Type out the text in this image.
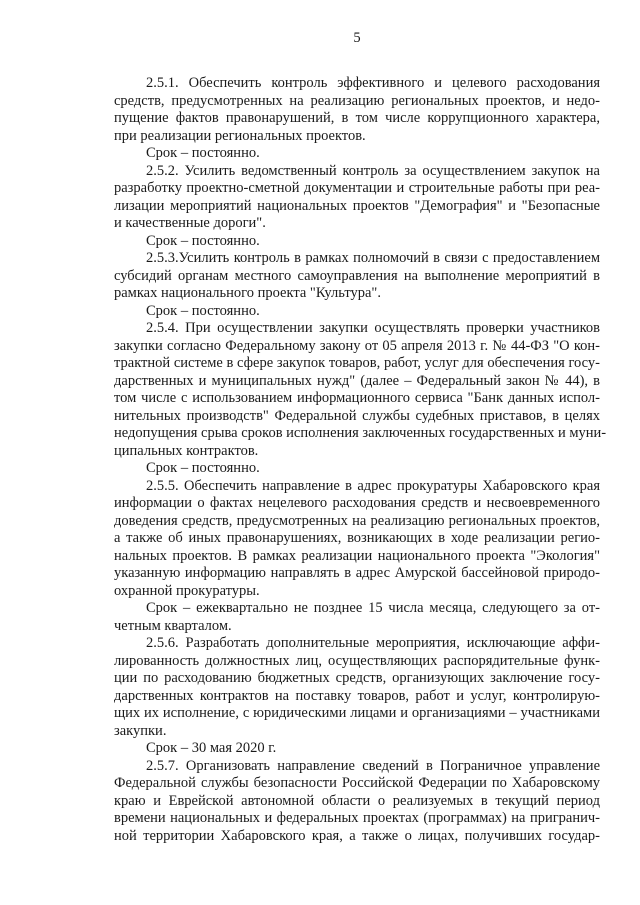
5
2.5.1. Обеспечить контроль эффективного и целевого расходования
средств, предусмотренных на реализацию региональных проектов, и недо-
пущение фактов правонарушений, в том числе коррупционного характера,
при реализации региональных проектов.
Срок – постоянно.
2.5.2. Усилить ведомственный контроль за осуществлением закупок на
разработку проектно-сметной документации и строительные работы при реа-
лизации мероприятий национальных проектов "Демография" и "Безопасные
и качественные дороги".
Срок – постоянно.
2.5.3.Усилить контроль в рамках полномочий в связи с предоставлением
субсидий органам местного самоуправления на выполнение мероприятий в
рамках национального проекта "Культура".
Срок – постоянно.
2.5.4. При осуществлении закупки осуществлять проверки участников
закупки согласно Федеральному закону от 05 апреля 2013 г. № 44-ФЗ "О кон-
трактной системе в сфере закупок товаров, работ, услуг для обеспечения госу-
дарственных и муниципальных нужд" (далее – Федеральный закон № 44), в
том числе с использованием информационного сервиса "Банк данных испол-
нительных производств" Федеральной службы судебных приставов, в целях
недопущения срыва сроков исполнения заключенных государственных и муни-
ципальных контрактов.
Срок – постоянно.
2.5.5. Обеспечить направление в адрес прокуратуры Хабаровского края
информации о фактах нецелевого расходования средств и несвоевременного
доведения средств, предусмотренных на реализацию региональных проектов,
а также об иных правонарушениях, возникающих в ходе реализации регио-
нальных проектов. В рамках реализации национального проекта "Экология"
указанную информацию направлять в адрес Амурской бассейновой природо-
охранной прокуратуры.
Срок – ежеквартально не позднее 15 числа месяца, следующего за от-
четным кварталом.
2.5.6. Разработать дополнительные мероприятия, исключающие аффи-
лированность должностных лиц, осуществляющих распорядительные функ-
ции по расходованию бюджетных средств, организующих заключение госу-
дарственных контрактов на поставку товаров, работ и услуг, контролирую-
щих их исполнение, с юридическими лицами и организациями – участниками
закупки.
Срок – 30 мая 2020 г.
2.5.7. Организовать направление сведений в Пограничное управление
Федеральной службы безопасности Российской Федерации по Хабаровскому
краю и Еврейской автономной области о реализуемых в текущий период
времени национальных и федеральных проектах (программах) на пригранич-
ной территории Хабаровского края, а также о лицах, получивших государ-
